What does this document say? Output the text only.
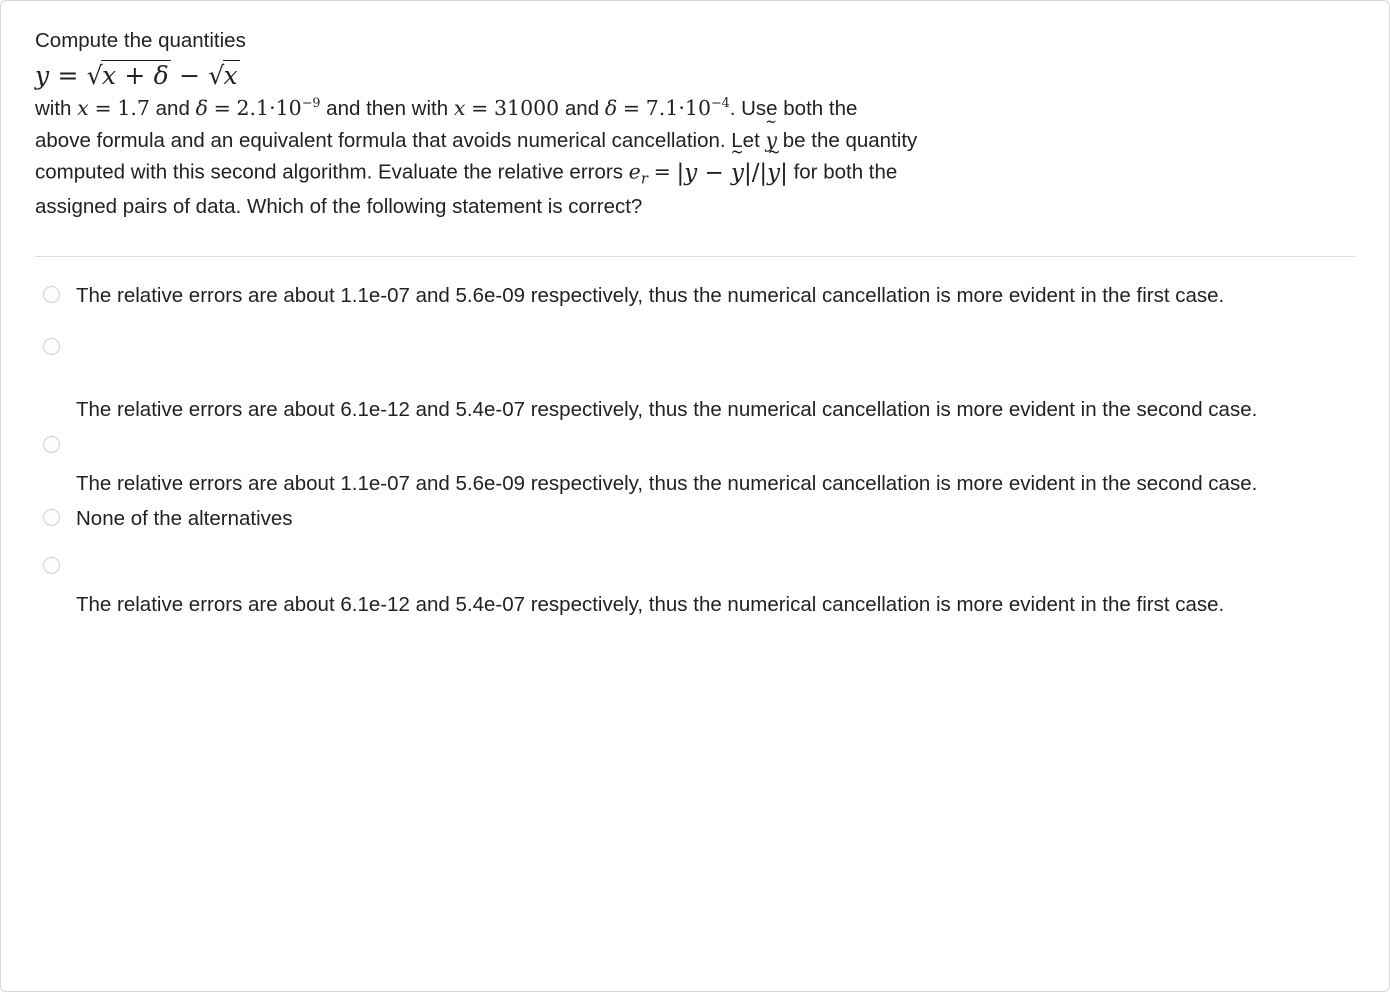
Compute the quantities
y = √x + δ − √x
with x = 1.7 and $\delta = 2.1\cdot 10^{-9}$ and then with x = 31000 and $\delta = 7.1\cdot 10^{-4}$. Use both the
above formula and an equivalent formula that avoids numerical cancellation. Let ~ y be the quantity
computed with this second algorithm. Evaluate the relative errors $e_r = |y$ − ~ y|/|~ y| for both the
assigned pairs of data. Which of the following statement is correct?
The relative errors are about 1.1e-07 and 5.6e-09 respectively, thus the numerical cancellation is more evident in the first case.
The relative errors are about 6.1e-12 and 5.4e-07 respectively, thus the numerical cancellation is more evident in the second case.
The relative errors are about 1.1e-07 and 5.6e-09 respectively, thus the numerical cancellation is more evident in the second case.
None of the alternatives
The relative errors are about 6.1e-12 and 5.4e-07 respectively, thus the numerical cancellation is more evident in the first case.
